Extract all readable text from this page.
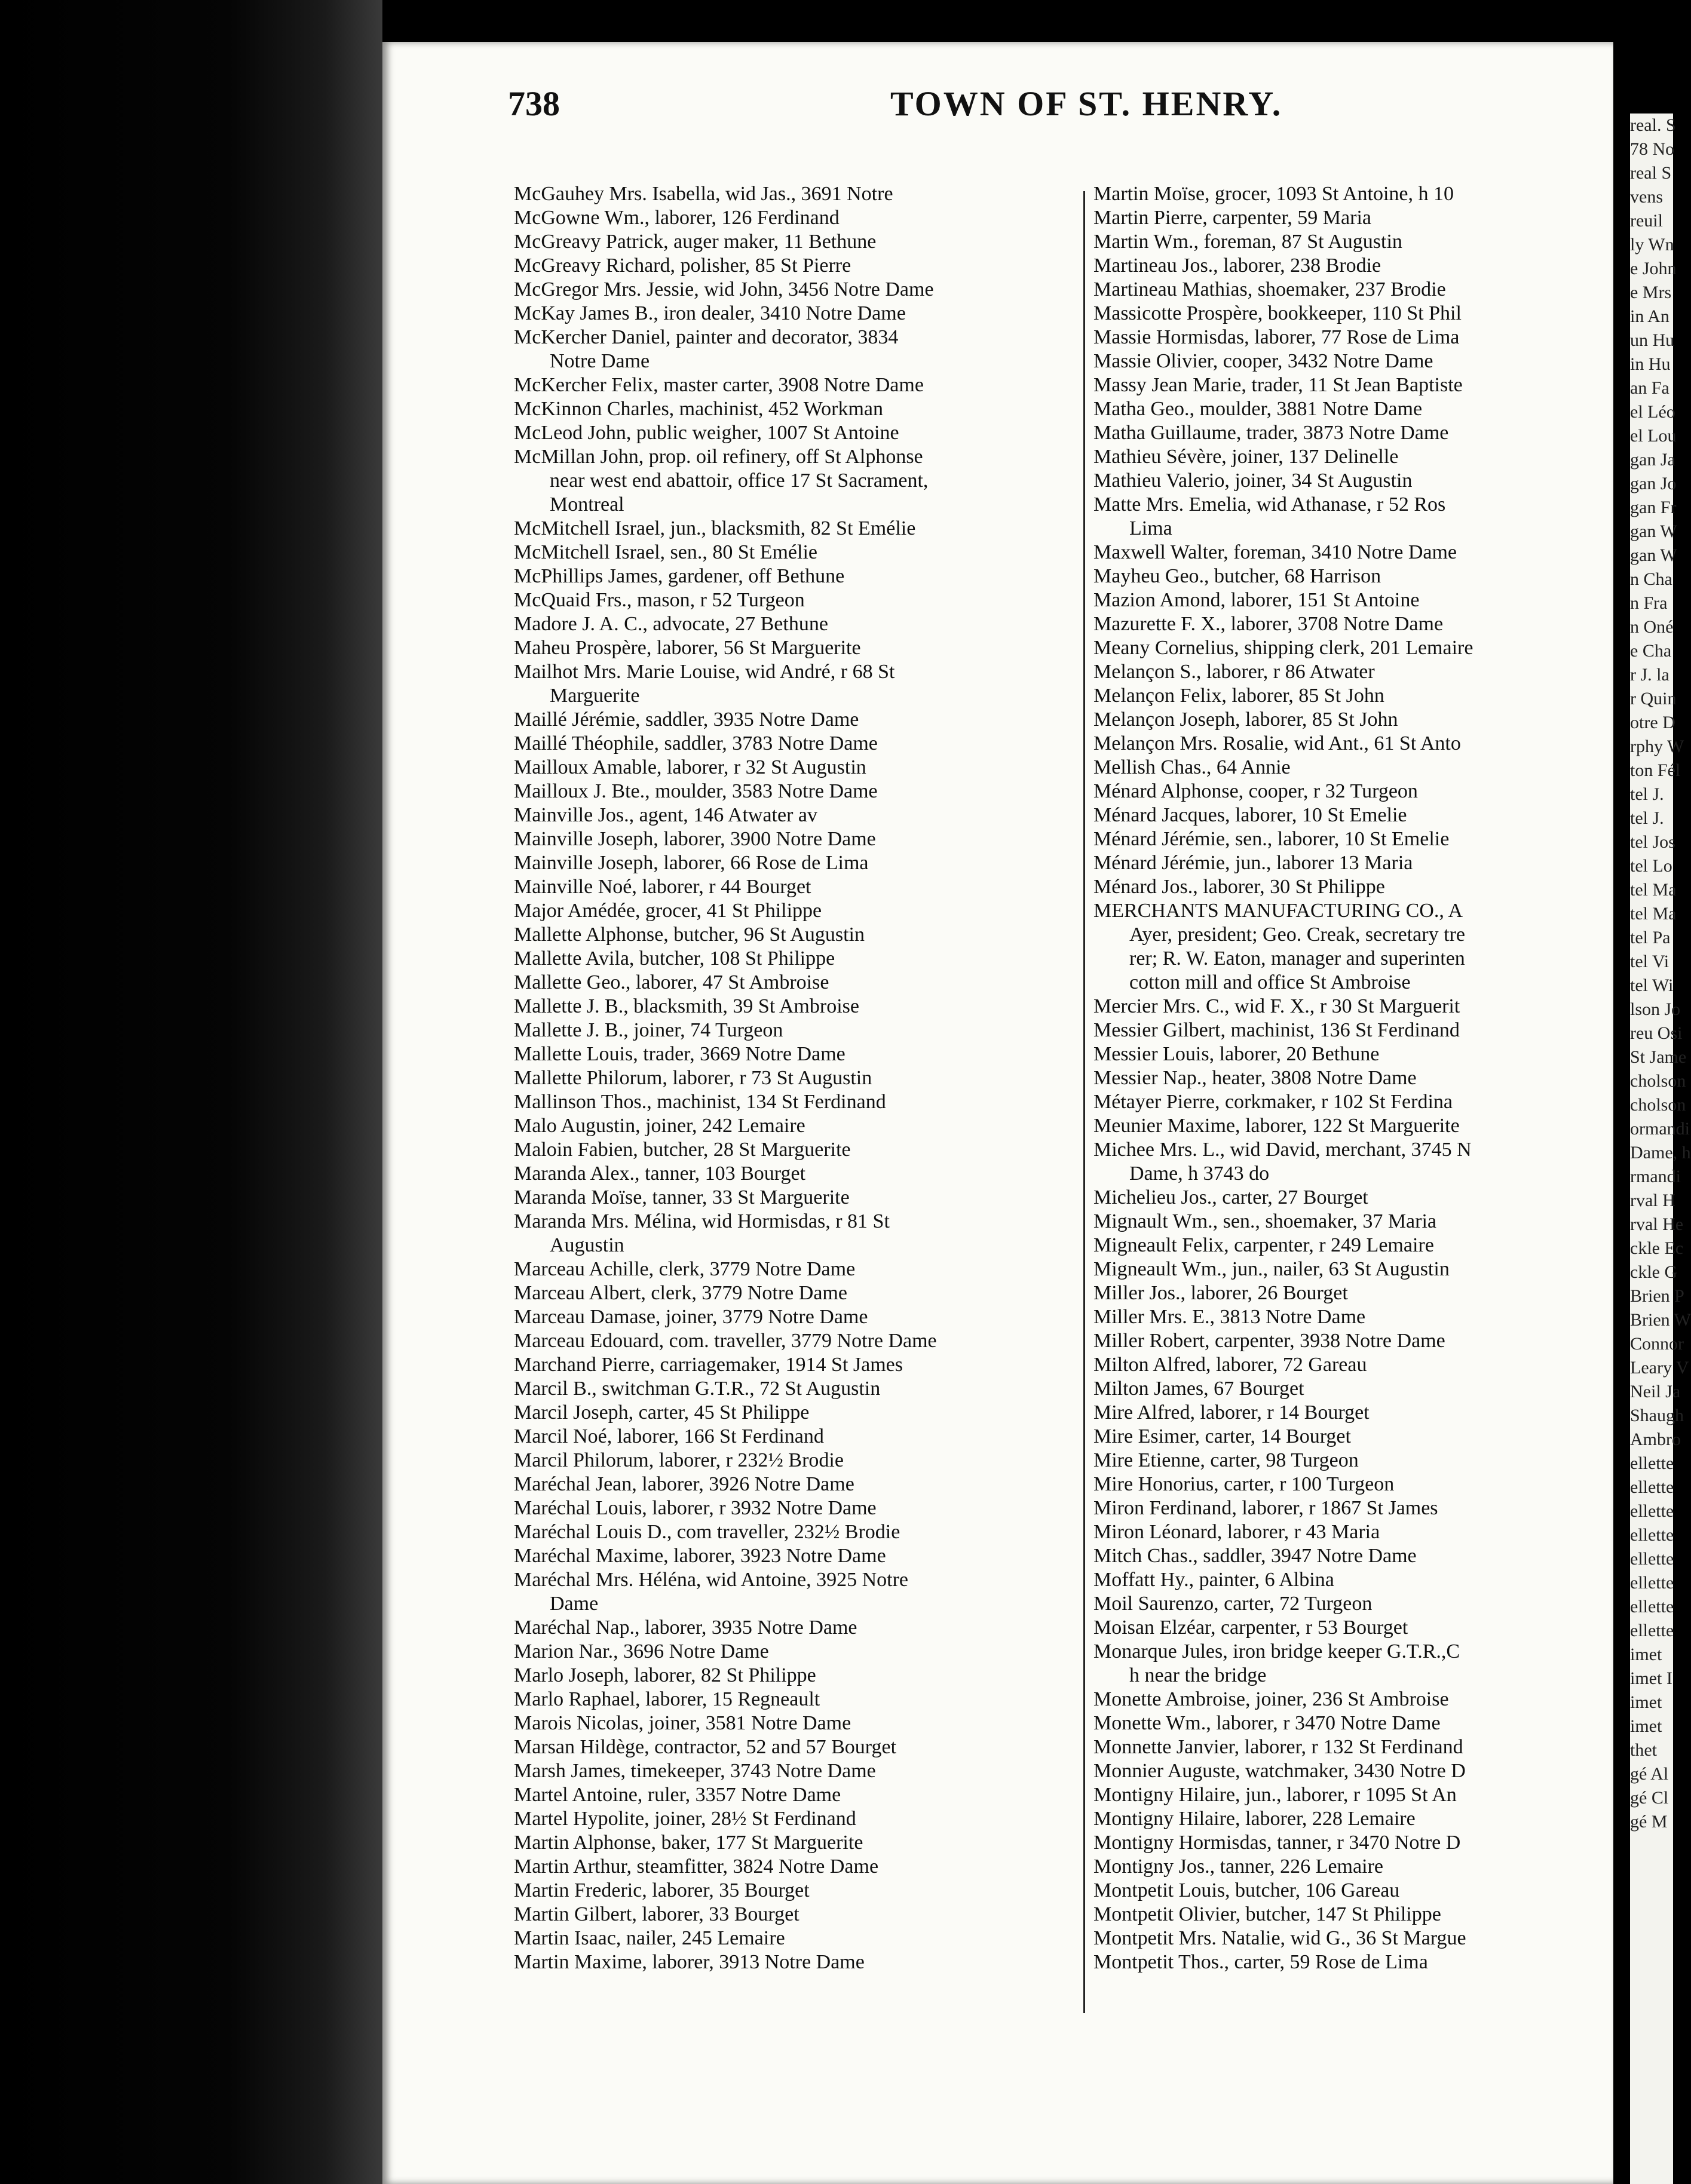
738	TOWN OF ST. HENRY.
McGauhey Mrs. Isabella, wid Jas., 3691 Notre
McGowne Wm., laborer, 126 Ferdinand
McGreavy Patrick, auger maker, 11 Bethune
McGreavy Richard, polisher, 85 St Pierre
McGregor Mrs. Jessie, wid John, 3456 Notre Dame
McKay James B., iron dealer, 3410 Notre Dame
McKercher Daniel, painter and decorator, 3834
Notre Dame
McKercher Felix, master carter, 3908 Notre Dame
McKinnon Charles, machinist, 452 Workman
McLeod John, public weigher, 1007 St Antoine
McMillan John, prop. oil refinery, off St Alphonse
near west end abattoir, office 17 St Sacrament,
Montreal
McMitchell Israel, jun., blacksmith, 82 St Emélie
McMitchell Israel, sen., 80 St Emélie
McPhillips James, gardener, off Bethune
McQuaid Frs., mason, r 52 Turgeon
Madore J. A. C., advocate, 27 Bethune
Maheu Prospère, laborer, 56 St Marguerite
Mailhot Mrs. Marie Louise, wid André, r 68 St
Marguerite
Maillé Jérémie, saddler, 3935 Notre Dame
Maillé Théophile, saddler, 3783 Notre Dame
Mailloux Amable, laborer, r 32 St Augustin
Mailloux J. Bte., moulder, 3583 Notre Dame
Mainville Jos., agent, 146 Atwater av
Mainville Joseph, laborer, 3900 Notre Dame
Mainville Joseph, laborer, 66 Rose de Lima
Mainville Noé, laborer, r 44 Bourget
Major Amédée, grocer, 41 St Philippe
Mallette Alphonse, butcher, 96 St Augustin
Mallette Avila, butcher, 108 St Philippe
Mallette Geo., laborer, 47 St Ambroise
Mallette J. B., blacksmith, 39 St Ambroise
Mallette J. B., joiner, 74 Turgeon
Mallette Louis, trader, 3669 Notre Dame
Mallette Philorum, laborer, r 73 St Augustin
Mallinson Thos., machinist, 134 St Ferdinand
Malo Augustin, joiner, 242 Lemaire
Maloin Fabien, butcher, 28 St Marguerite
Maranda Alex., tanner, 103 Bourget
Maranda Moïse, tanner, 33 St Marguerite
Maranda Mrs. Mélina, wid Hormisdas, r 81 St
Augustin
Marceau Achille, clerk, 3779 Notre Dame
Marceau Albert, clerk, 3779 Notre Dame
Marceau Damase, joiner, 3779 Notre Dame
Marceau Edouard, com. traveller, 3779 Notre Dame
Marchand Pierre, carriagemaker, 1914 St James
Marcil B., switchman G.T.R., 72 St Augustin
Marcil Joseph, carter, 45 St Philippe
Marcil Noé, laborer, 166 St Ferdinand
Marcil Philorum, laborer, r 232½ Brodie
Maréchal Jean, laborer, 3926 Notre Dame
Maréchal Louis, laborer, r 3932 Notre Dame
Maréchal Louis D., com traveller, 232½ Brodie
Maréchal Maxime, laborer, 3923 Notre Dame
Maréchal Mrs. Héléna, wid Antoine, 3925 Notre
Dame
Maréchal Nap., laborer, 3935 Notre Dame
Marion Nar., 3696 Notre Dame
Marlo Joseph, laborer, 82 St Philippe
Marlo Raphael, laborer, 15 Regneault
Marois Nicolas, joiner, 3581 Notre Dame
Marsan Hildège, contractor, 52 and 57 Bourget
Marsh James, timekeeper, 3743 Notre Dame
Martel Antoine, ruler, 3357 Notre Dame
Martel Hypolite, joiner, 28½ St Ferdinand
Martin Alphonse, baker, 177 St Marguerite
Martin Arthur, steamfitter, 3824 Notre Dame
Martin Frederic, laborer, 35 Bourget
Martin Gilbert, laborer, 33 Bourget
Martin Isaac, nailer, 245 Lemaire
Martin Maxime, laborer, 3913 Notre Dame
Martin Moïse, grocer, 1093 St Antoine, h 10
Martin Pierre, carpenter, 59 Maria
Martin Wm., foreman, 87 St Augustin
Martineau Jos., laborer, 238 Brodie
Martineau Mathias, shoemaker, 237 Brodie
Massicotte Prospère, bookkeeper, 110 St Phil
Massie Hormisdas, laborer, 77 Rose de Lima
Massie Olivier, cooper, 3432 Notre Dame
Massy Jean Marie, trader, 11 St Jean Baptiste
Matha Geo., moulder, 3881 Notre Dame
Matha Guillaume, trader, 3873 Notre Dame
Mathieu Sévère, joiner, 137 Delinelle
Mathieu Valerio, joiner, 34 St Augustin
Matte Mrs. Emelia, wid Athanase, r 52 Ros
Lima
Maxwell Walter, foreman, 3410 Notre Dame
Mayheu Geo., butcher, 68 Harrison
Mazion Amond, laborer, 151 St Antoine
Mazurette F. X., laborer, 3708 Notre Dame
Meany Cornelius, shipping clerk, 201 Lemaire
Melançon S., laborer, r 86 Atwater
Melançon Felix, laborer, 85 St John
Melançon Joseph, laborer, 85 St John
Melançon Mrs. Rosalie, wid Ant., 61 St Anto
Mellish Chas., 64 Annie
Ménard Alphonse, cooper, r 32 Turgeon
Ménard Jacques, laborer, 10 St Emelie
Ménard Jérémie, sen., laborer, 10 St Emelie
Ménard Jérémie, jun., laborer 13 Maria
Ménard Jos., laborer, 30 St Philippe
MERCHANTS MANUFACTURING CO., A
Ayer, president; Geo. Creak, secretary tre
rer; R. W. Eaton, manager and superinten
cotton mill and office St Ambroise
Mercier Mrs. C., wid F. X., r 30 St Marguerit
Messier Gilbert, machinist, 136 St Ferdinand
Messier Louis, laborer, 20 Bethune
Messier Nap., heater, 3808 Notre Dame
Métayer Pierre, corkmaker, r 102 St Ferdina
Meunier Maxime, laborer, 122 St Marguerite
Michee Mrs. L., wid David, merchant, 3745 N
Dame, h 3743 do
Michelieu Jos., carter, 27 Bourget
Mignault Wm., sen., shoemaker, 37 Maria
Migneault Felix, carpenter, r 249 Lemaire
Migneault Wm., jun., nailer, 63 St Augustin
Miller Jos., laborer, 26 Bourget
Miller Mrs. E., 3813 Notre Dame
Miller Robert, carpenter, 3938 Notre Dame
Milton Alfred, laborer, 72 Gareau
Milton James, 67 Bourget
Mire Alfred, laborer, r 14 Bourget
Mire Esimer, carter, 14 Bourget
Mire Etienne, carter, 98 Turgeon
Mire Honorius, carter, r 100 Turgeon
Miron Ferdinand, laborer, r 1867 St James
Miron Léonard, laborer, r 43 Maria
Mitch Chas., saddler, 3947 Notre Dame
Moffatt Hy., painter, 6 Albina
Moil Saurenzo, carter, 72 Turgeon
Moisan Elzéar, carpenter, r 53 Bourget
Monarque Jules, iron bridge keeper G.T.R.,C
h near the bridge
Monette Ambroise, joiner, 236 St Ambroise
Monette Wm., laborer, r 3470 Notre Dame
Monnette Janvier, laborer, r 132 St Ferdinand
Monnier Auguste, watchmaker, 3430 Notre D
Montigny Hilaire, jun., laborer, r 1095 St An
Montigny Hilaire, laborer, 228 Lemaire
Montigny Hormisdas, tanner, r 3470 Notre D
Montigny Jos., tanner, 226 Lemaire
Montpetit Louis, butcher, 106 Gareau
Montpetit Olivier, butcher, 147 St Philippe
Montpetit Mrs. Natalie, wid G., 36 St Margue
Montpetit Thos., carter, 59 Rose de Lima
real. S
78 No
real S
vens
reuil
ly Wn
e John
e Mrs
in An
un Hu
in Hu
an Fa
el Léo
el Lou
gan Ja
gan Jo
gan Fr
gan W
gan W
n Cha
n Fra
n Oné
e Cha
r J. la
r Quin
otre D
rphy W
ton Fél
tel J.
tel J.
tel Jos
tel Lo
tel Ma
tel Ma
tel Pa
tel Vi
tel Wi
lson Jo
reu Osi
St Jame
cholson
cholson
ormandi
Dame, h
rmandi
rval H
rval He
ckle Ec
ckle G
Brien P
Brien W
Connor
Leary V
Neil Ja
Shaugh
Ambro
ellette
ellette
ellette
ellette
ellette
ellette
ellette
ellette
imet
imet I
imet
imet
thet
gé Al
gé Cl
gé M
